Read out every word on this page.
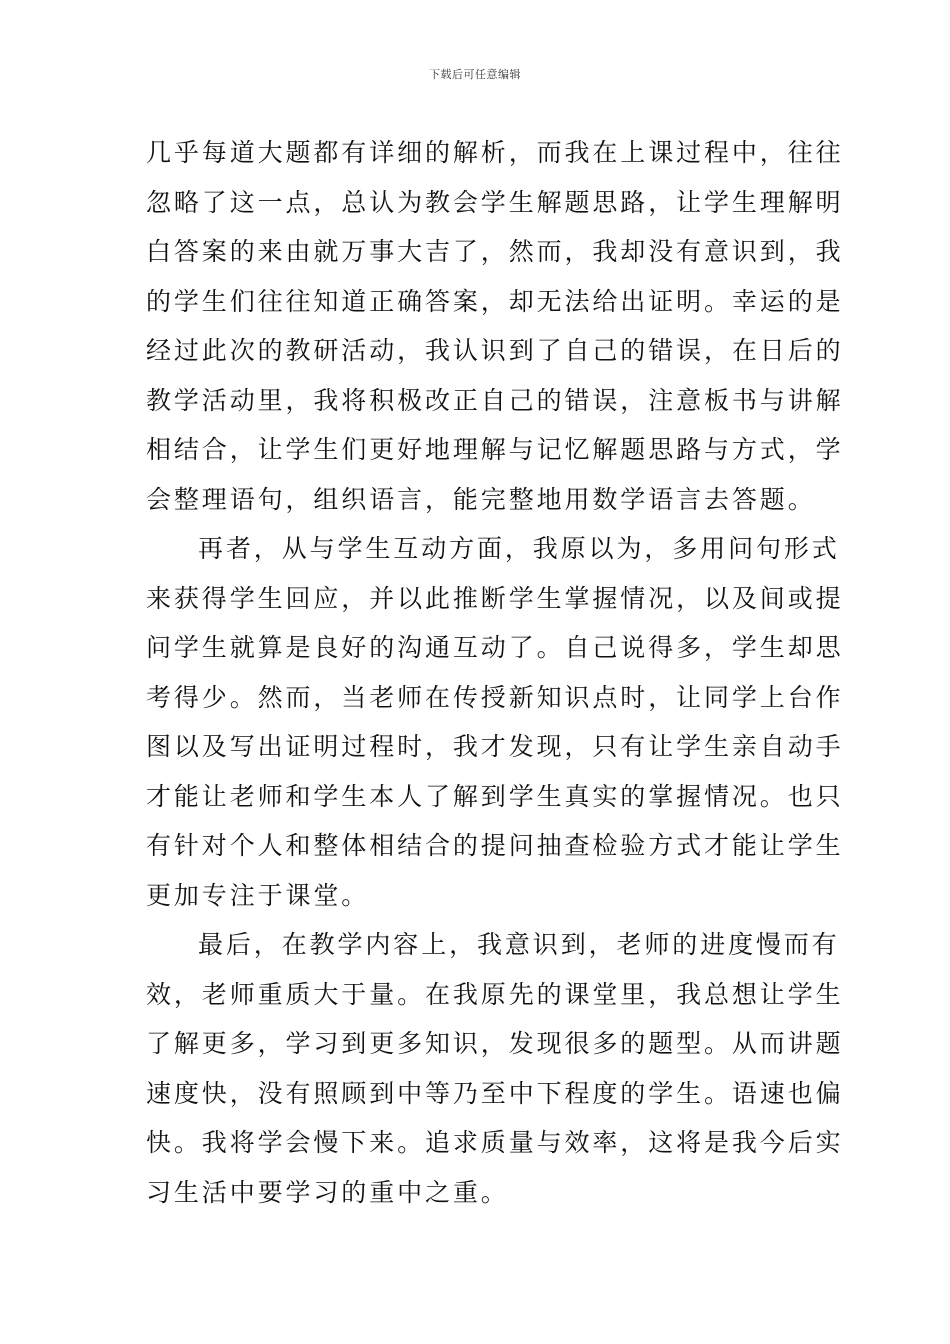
下载后可任意编辑
几乎每道大题都有详细的解析，而我在上课过程中，往往
忽略了这一点，总认为教会学生解题思路，让学生理解明
白答案的来由就万事大吉了，然而，我却没有意识到，我
的学生们往往知道正确答案，却无法给出证明。幸运的是
经过此次的教研活动，我认识到了自己的错误，在日后的
教学活动里，我将积极改正自己的错误，注意板书与讲解
相结合，让学生们更好地理解与记忆解题思路与方式，学
会整理语句，组织语言，能完整地用数学语言去答题。
再者，从与学生互动方面，我原以为，多用问句形式
来获得学生回应，并以此推断学生掌握情况，以及间或提
问学生就算是良好的沟通互动了。自己说得多，学生却思
考得少。然而，当老师在传授新知识点时，让同学上台作
图以及写出证明过程时，我才发现，只有让学生亲自动手
才能让老师和学生本人了解到学生真实的掌握情况。也只
有针对个人和整体相结合的提问抽查检验方式才能让学生
更加专注于课堂。
最后，在教学内容上，我意识到，老师的进度慢而有
效，老师重质大于量。在我原先的课堂里，我总想让学生
了解更多，学习到更多知识，发现很多的题型。从而讲题
速度快，没有照顾到中等乃至中下程度的学生。语速也偏
快。我将学会慢下来。追求质量与效率，这将是我今后实
习生活中要学习的重中之重。
